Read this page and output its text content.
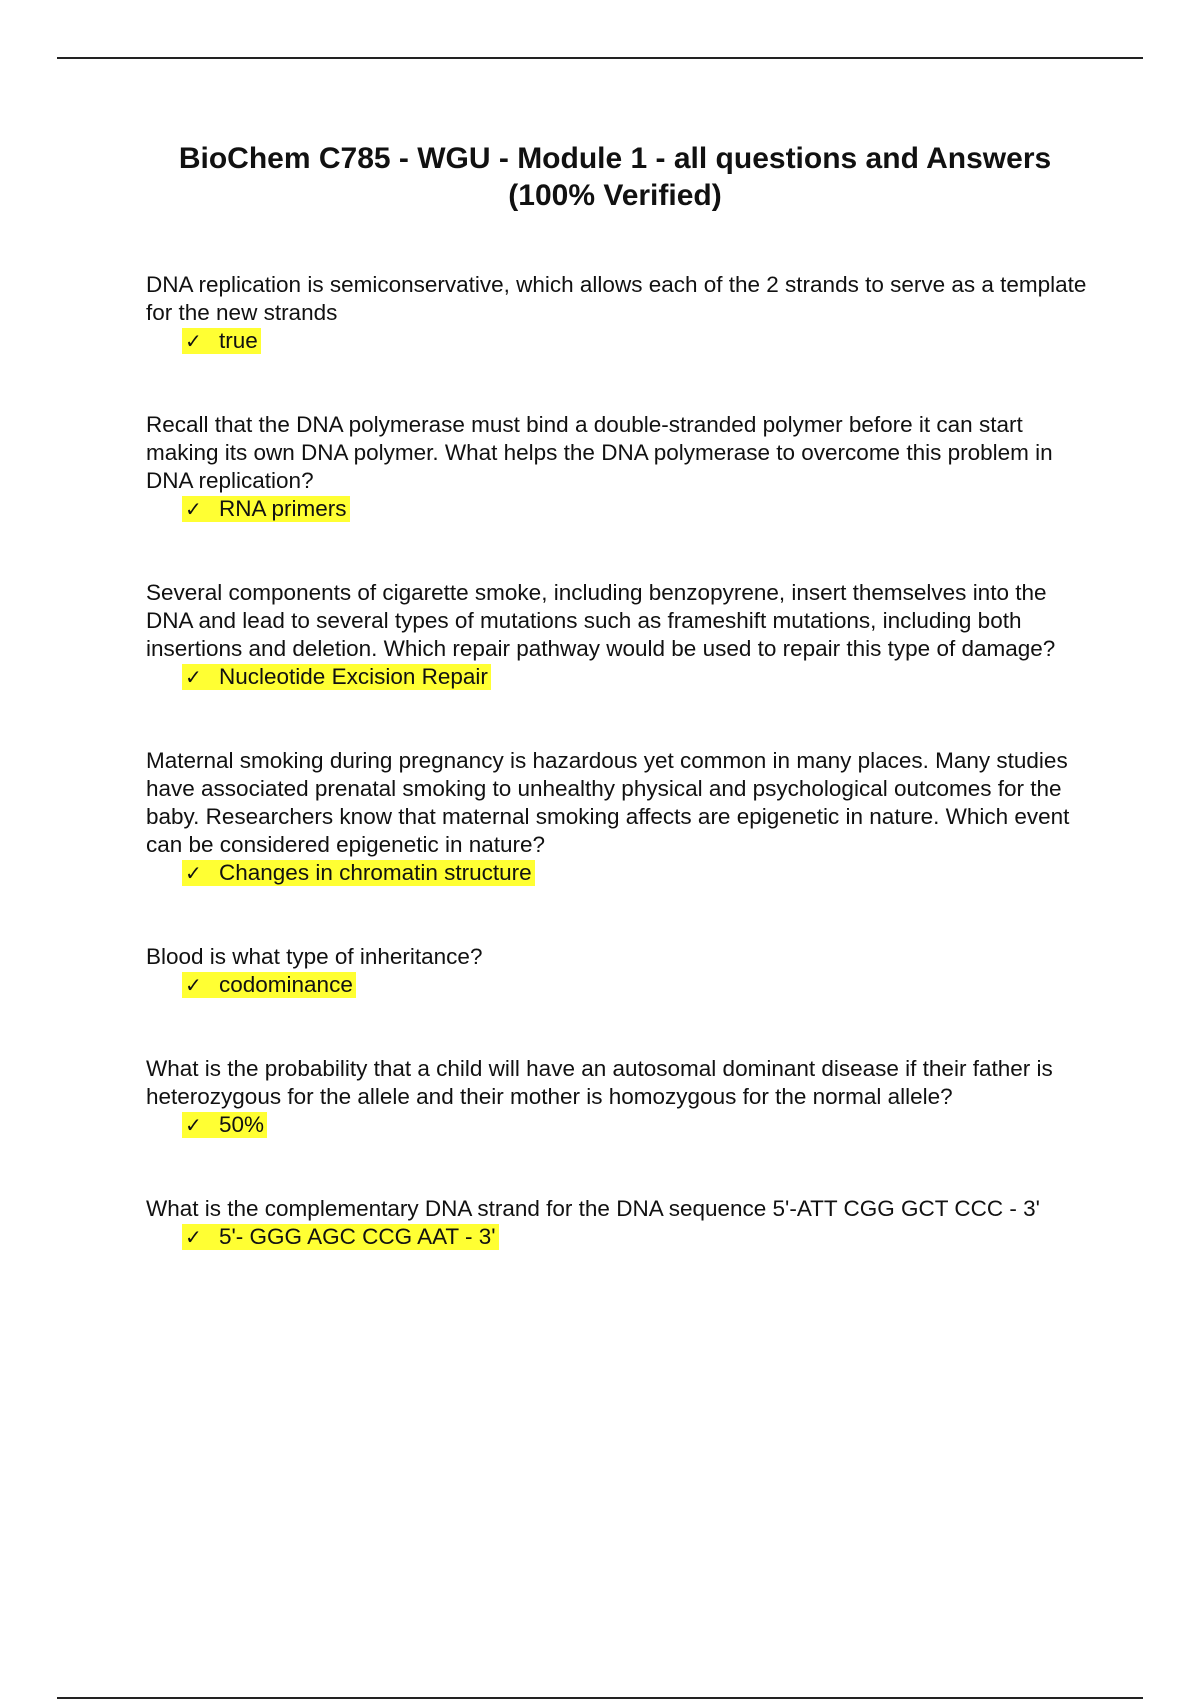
BioChem C785 - WGU - Module 1 - all questions and Answers
(100% Verified)

DNA replication is semiconservative, which allows each of the 2 strands to serve as a template for the new strands

✓ true

Recall that the DNA polymerase must bind a double-stranded polymer before it can start making its own DNA polymer. What helps the DNA polymerase to overcome this problem in DNA replication?

✓ RNA primers

Several components of cigarette smoke, including benzopyrene, insert themselves into the DNA and lead to several types of mutations such as frameshift mutations, including both insertions and deletion. Which repair pathway would be used to repair this type of damage?

✓ Nucleotide Excision Repair

Maternal smoking during pregnancy is hazardous yet common in many places. Many studies have associated prenatal smoking to unhealthy physical and psychological outcomes for the baby. Researchers know that maternal smoking affects are epigenetic in nature. Which event can be considered epigenetic in nature?

✓ Changes in chromatin structure

Blood is what type of inheritance?

✓ codominance

What is the probability that a child will have an autosomal dominant disease if their father is heterozygous for the allele and their mother is homozygous for the normal allele?

✓ 50%

What is the complementary DNA strand for the DNA sequence 5'-ATT CGG GCT CCC - 3'

✓ 5'- GGG AGC CCG AAT - 3'
